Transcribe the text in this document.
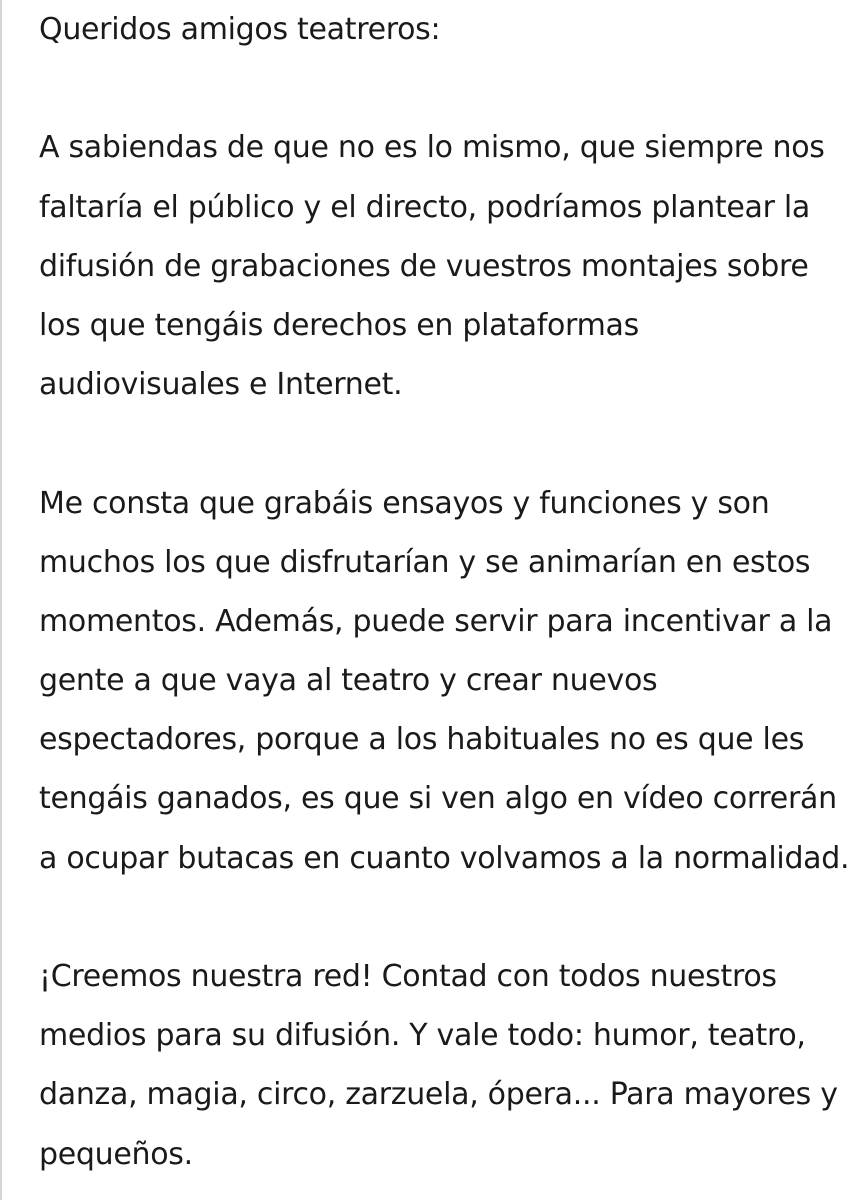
Queridos amigos teatreros:
A sabiendas de que no es lo mismo, que siempre nos
faltaría el público y el directo, podríamos plantear la
difusión de grabaciones de vuestros montajes sobre
los que tengáis derechos en plataformas
audiovisuales e Internet.
Me consta que grabáis ensayos y funciones y son
muchos los que disfrutarían y se animarían en estos
momentos. Además, puede servir para incentivar a la
gente a que vaya al teatro y crear nuevos
espectadores, porque a los habituales no es que les
tengáis ganados, es que si ven algo en vídeo correrán
a ocupar butacas en cuanto volvamos a la normalidad.
¡Creemos nuestra red! Contad con todos nuestros
medios para su difusión. Y vale todo: humor, teatro,
danza, magia, circo, zarzuela, ópera... Para mayores y
pequeños.
